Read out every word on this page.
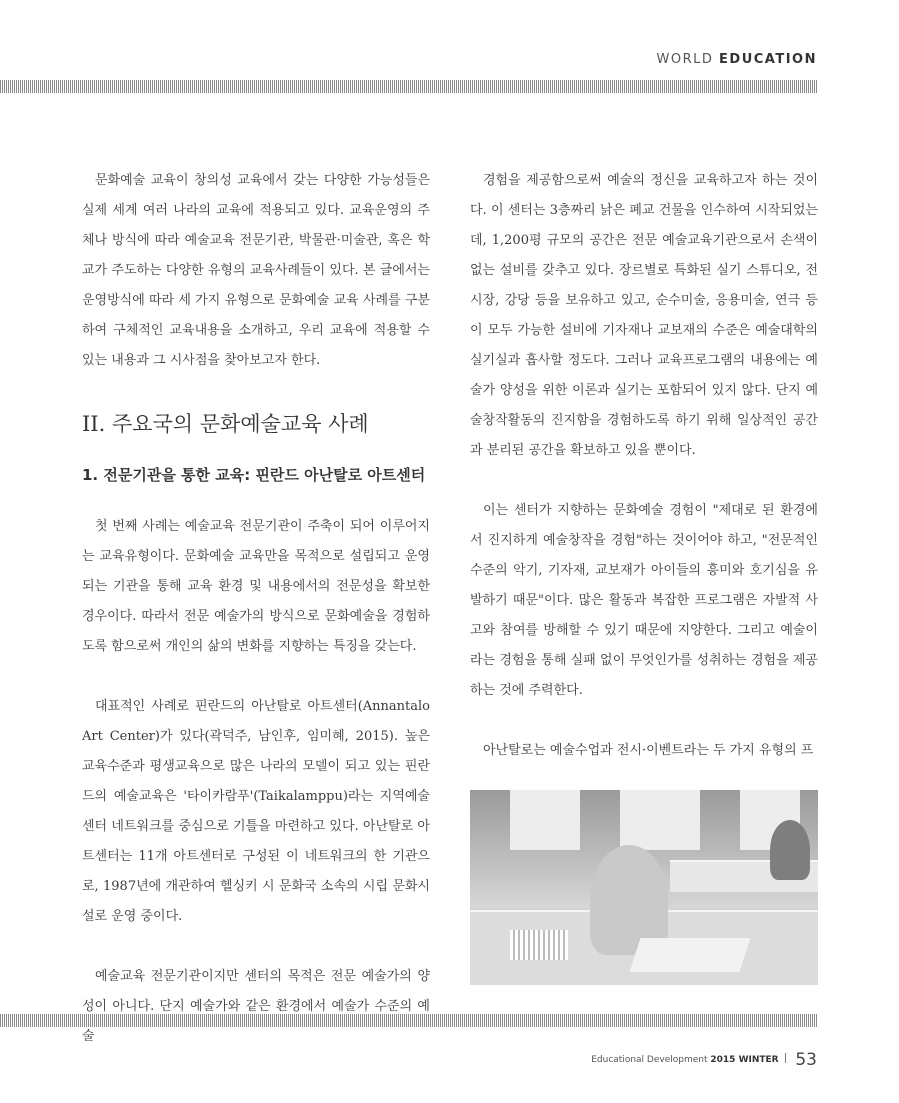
WORLD EDUCATION

문화예술 교육이 창의성 교육에서 갖는 다양한 가능성들은 실제 세계 여러 나라의 교육에 적용되고 있다. 교육운영의 주체나 방식에 따라 예술교육 전문기관, 박물관·미술관, 혹은 학교가 주도하는 다양한 유형의 교육사례들이 있다. 본 글에서는 운영방식에 따라 세 가지 유형으로 문화예술 교육 사례를 구분하여 구체적인 교육내용을 소개하고, 우리 교육에 적용할 수 있는 내용과 그 시사점을 찾아보고자 한다.

II. 주요국의 문화예술교육 사례
1. 전문기관을 통한 교육: 핀란드 아난탈로 아트센터

첫 번째 사례는 예술교육 전문기관이 주축이 되어 이루어지는 교육유형이다. 문화예술 교육만을 목적으로 설립되고 운영되는 기관을 통해 교육 환경 및 내용에서의 전문성을 확보한 경우이다. 따라서 전문 예술가의 방식으로 문화예술을 경험하도록 함으로써 개인의 삶의 변화를 지향하는 특징을 갖는다.

대표적인 사례로 핀란드의 아난탈로 아트센터(Annantalo Art Center)가 있다(곽덕주, 남인후, 임미혜, 2015). 높은 교육수준과 평생교육으로 많은 나라의 모델이 되고 있는 핀란드의 예술교육은 '타이카람푸'(Taikalamppu)라는 지역예술센터 네트워크를 중심으로 기틀을 마련하고 있다. 아난탈로 아트센터는 11개 아트센터로 구성된 이 네트워크의 한 기관으로, 1987년에 개관하여 헬싱키 시 문화국 소속의 시립 문화시설로 운영 중이다.

예술교육 전문기관이지만 센터의 목적은 전문 예술가의 양성이 아니다. 단지 예술가와 같은 환경에서 예술가 수준의 예술

경험을 제공함으로써 예술의 정신을 교육하고자 하는 것이다. 이 센터는 3층짜리 낡은 폐교 건물을 인수하여 시작되었는데, 1,200평 규모의 공간은 전문 예술교육기관으로서 손색이 없는 설비를 갖추고 있다. 장르별로 특화된 실기 스튜디오, 전시장, 강당 등을 보유하고 있고, 순수미술, 응용미술, 연극 등이 모두 가능한 설비에 기자재나 교보재의 수준은 예술대학의 실기실과 흡사할 정도다. 그러나 교육프로그램의 내용에는 예술가 양성을 위한 이론과 실기는 포함되어 있지 않다. 단지 예술창작활동의 진지함을 경험하도록 하기 위해 일상적인 공간과 분리된 공간을 확보하고 있을 뿐이다.

이는 센터가 지향하는 문화예술 경험이 "제대로 된 환경에서 진지하게 예술창작을 경험"하는 것이어야 하고, "전문적인 수준의 악기, 기자재, 교보재가 아이들의 흥미와 호기심을 유발하기 때문"이다. 많은 활동과 복잡한 프로그램은 자발적 사고와 참여를 방해할 수 있기 때문에 지양한다. 그리고 예술이라는 경험을 통해 실패 없이 무엇인가를 성취하는 경험을 제공하는 것에 주력한다.

아난탈로는 예술수업과 전시·이벤트라는 두 가지 유형의 프

Educational Development 2015 WINTER 53
